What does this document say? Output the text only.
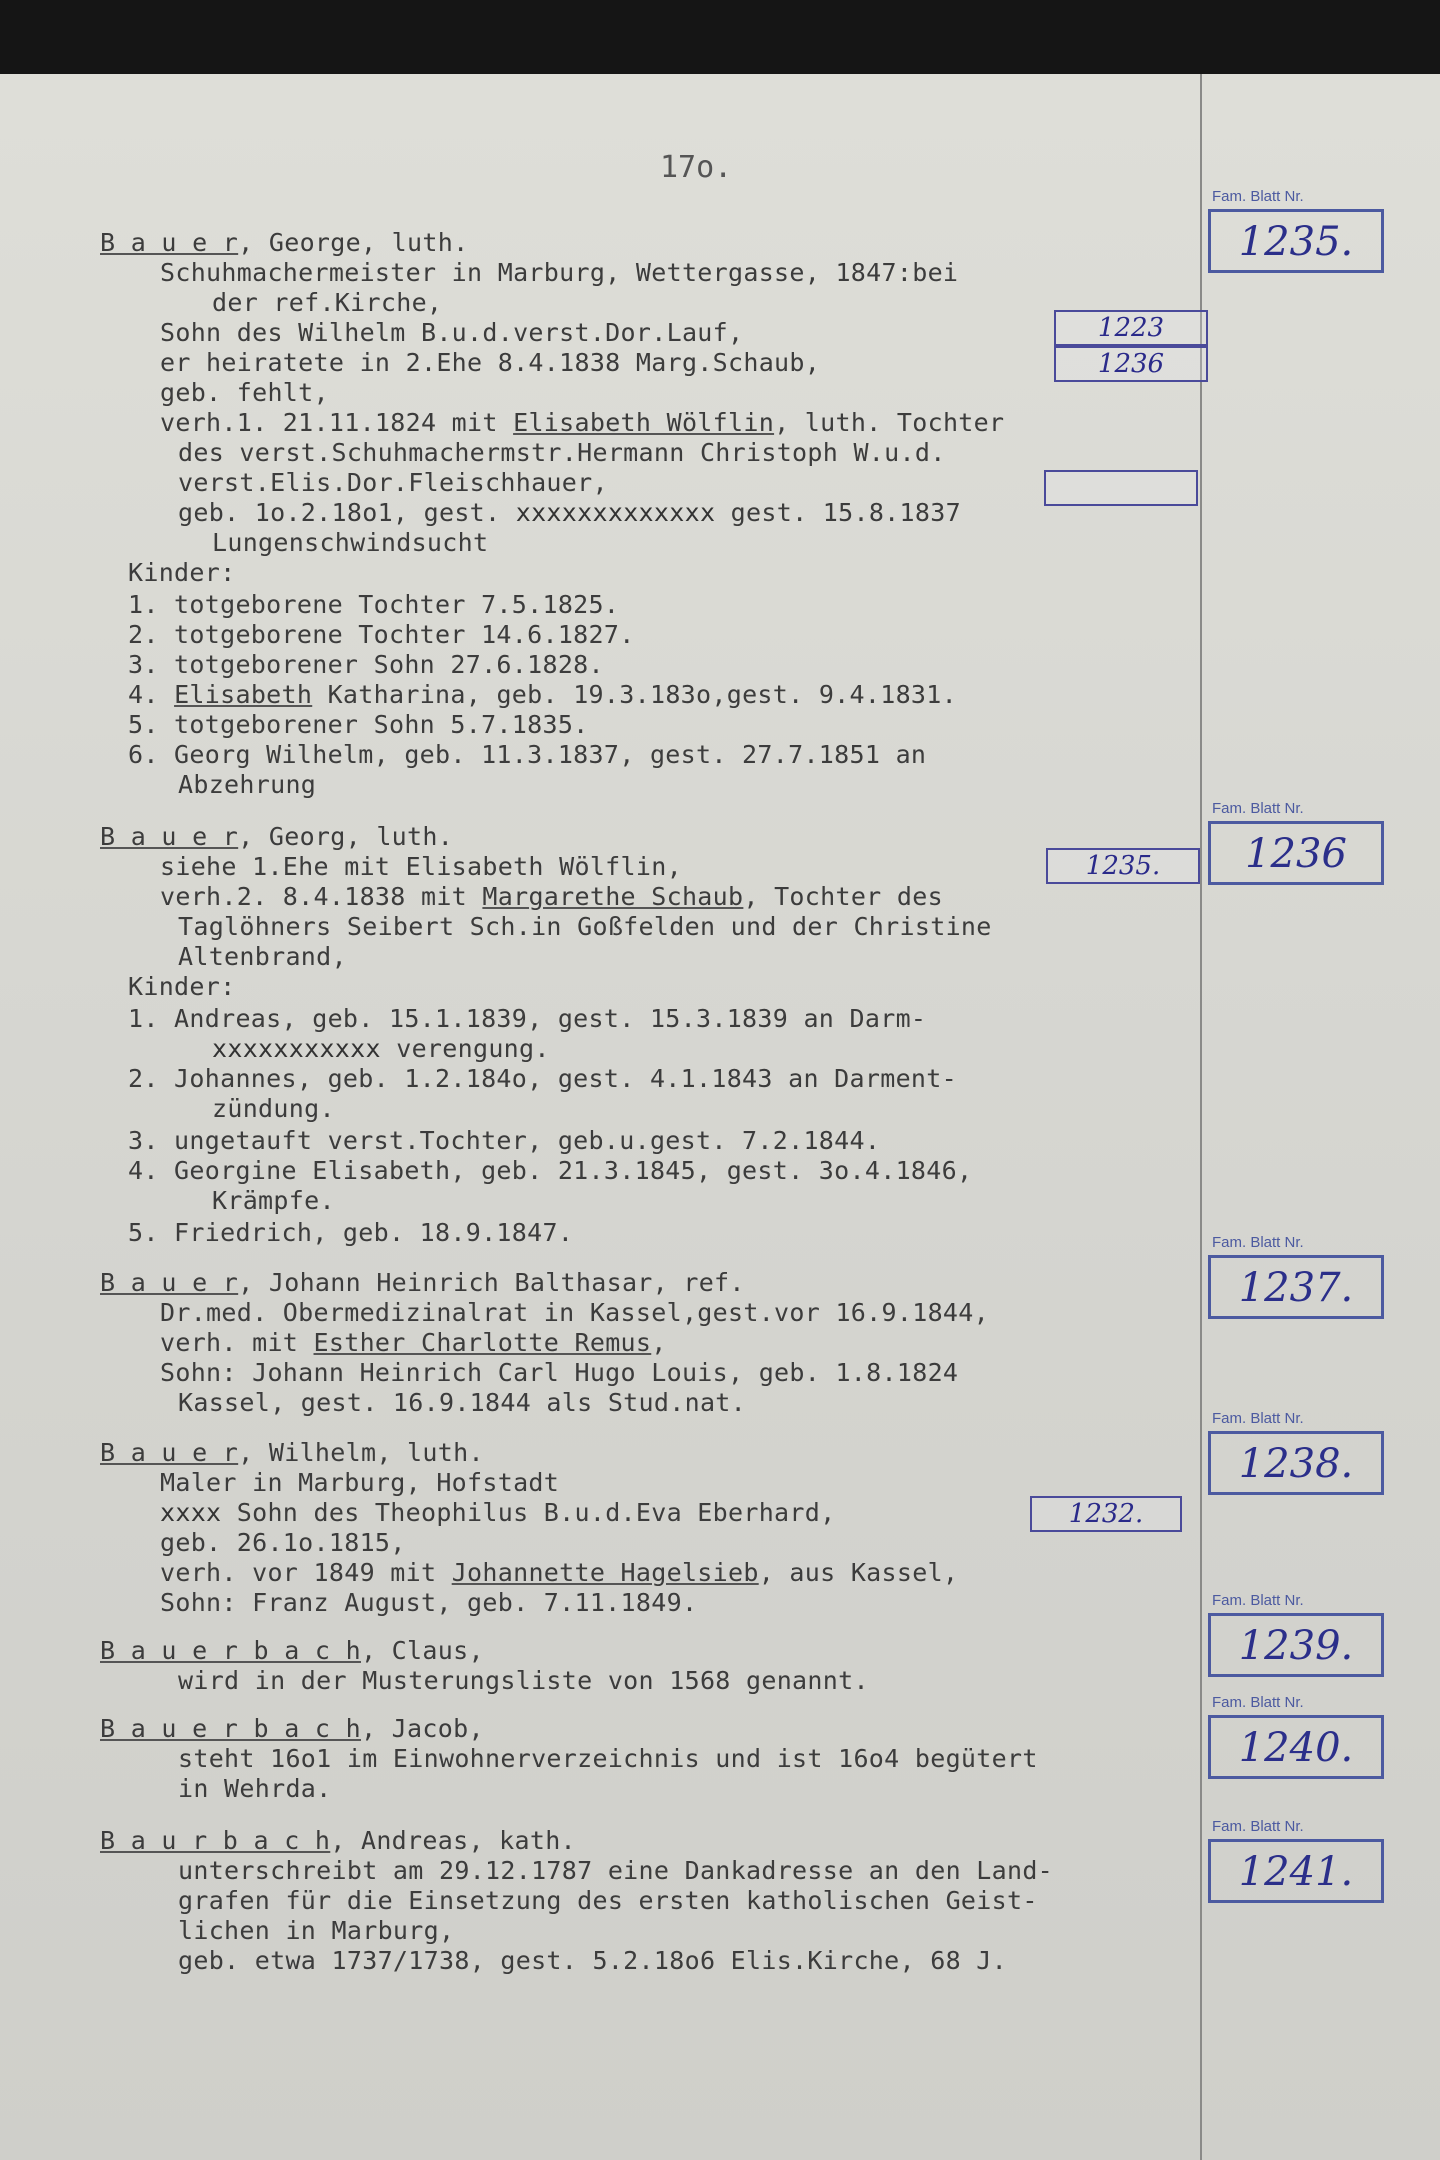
17o.
B a u e r, George, luth.
Schuhmachermeister in Marburg, Wettergasse, 1847:bei
der ref.Kirche,
Sohn des Wilhelm B.u.d.verst.Dor.Lauf,
er heiratete in 2.Ehe 8.4.1838 Marg.Schaub,
geb. fehlt,
verh.1. 21.11.1824 mit Elisabeth Wölflin, luth. Tochter
des verst.Schuhmachermstr.Hermann Christoph W.u.d.
verst.Elis.Dor.Fleischhauer,
geb. 1o.2.18o1, gest. xxxxxxxxxxxxx gest. 15.8.1837
Lungenschwindsucht
Kinder:
1. totgeborene Tochter 7.5.1825.
2. totgeborene Tochter 14.6.1827.
3. totgeborener Sohn 27.6.1828.
4. Elisabeth Katharina, geb. 19.3.183o,gest. 9.4.1831.
5. totgeborener Sohn 5.7.1835.
6. Georg Wilhelm, geb. 11.3.1837, gest. 27.7.1851 an
Abzehrung
1223
1236
Fam. Blatt Nr.
1235.
B a u e r, Georg, luth.
siehe 1.Ehe mit Elisabeth Wölflin,
verh.2. 8.4.1838 mit Margarethe Schaub, Tochter des
Taglöhners Seibert Sch.in Goßfelden und der Christine
Altenbrand,
Kinder:
1. Andreas, geb. 15.1.1839, gest. 15.3.1839 an Darm-
xxxxxxxxxxx verengung.
2. Johannes, geb. 1.2.184o, gest. 4.1.1843 an Darment-
zündung.
3. ungetauft verst.Tochter, geb.u.gest. 7.2.1844.
4. Georgine Elisabeth, geb. 21.3.1845, gest. 3o.4.1846,
Krämpfe.
5. Friedrich, geb. 18.9.1847.
1235.
Fam. Blatt Nr.
1236
B a u e r, Johann Heinrich Balthasar, ref.
Dr.med. Obermedizinalrat in Kassel,gest.vor 16.9.1844,
verh. mit Esther Charlotte Remus,
Sohn: Johann Heinrich Carl Hugo Louis, geb. 1.8.1824
Kassel, gest. 16.9.1844 als Stud.nat.
Fam. Blatt Nr.
1237.
B a u e r, Wilhelm, luth.
Maler in Marburg, Hofstadt
xxxx Sohn des Theophilus B.u.d.Eva Eberhard,
geb. 26.1o.1815,
verh. vor 1849 mit Johannette Hagelsieb, aus Kassel,
Sohn: Franz August, geb. 7.11.1849.
1232.
Fam. Blatt Nr.
1238.
B a u e r b a c h, Claus,
wird in der Musterungsliste von 1568 genannt.
Fam. Blatt Nr.
1239.
B a u e r b a c h, Jacob,
steht 16o1 im Einwohnerverzeichnis und ist 16o4 begütert
in Wehrda.
Fam. Blatt Nr.
1240.
B a u r b a c h, Andreas, kath.
unterschreibt am 29.12.1787 eine Dankadresse an den Land-
grafen für die Einsetzung des ersten katholischen Geist-
lichen in Marburg,
geb. etwa 1737/1738, gest. 5.2.18o6 Elis.Kirche, 68 J.
Fam. Blatt Nr.
1241.
